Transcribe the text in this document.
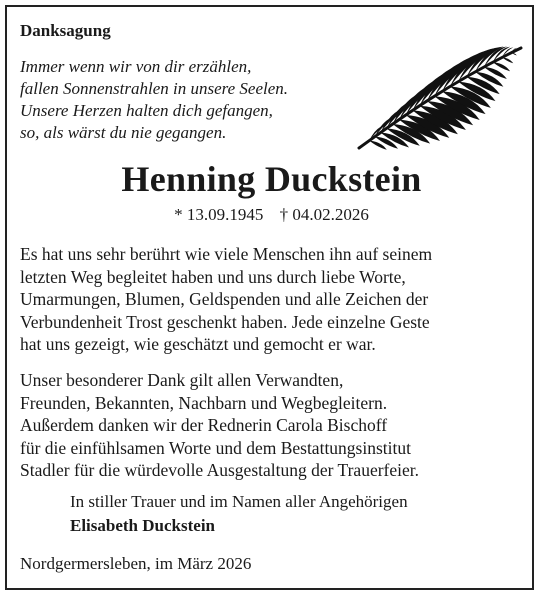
Danksagung
Immer wenn wir von dir erzählen,
fallen Sonnenstrahlen in unsere Seelen.
Unsere Herzen halten dich gefangen,
so, als wärst du nie gegangen.
Henning Duckstein
* 13.09.1945 † 04.02.2026
Es hat uns sehr berührt wie viele Menschen ihn auf seinem
letzten Weg begleitet haben und uns durch liebe Worte,
Umarmungen, Blumen, Geldspenden und alle Zeichen der
Verbundenheit Trost geschenkt haben. Jede einzelne Geste
hat uns gezeigt, wie geschätzt und gemocht er war.
Unser besonderer Dank gilt allen Verwandten,
Freunden, Bekannten, Nachbarn und Wegbegleitern.
Außerdem danken wir der Rednerin Carola Bischoff
für die einfühlsamen Worte und dem Bestattungsinstitut
Stadler für die würdevolle Ausgestaltung der Trauerfeier.
In stiller Trauer und im Namen aller Angehörigen
Elisabeth Duckstein
Nordgermersleben, im März 2026
